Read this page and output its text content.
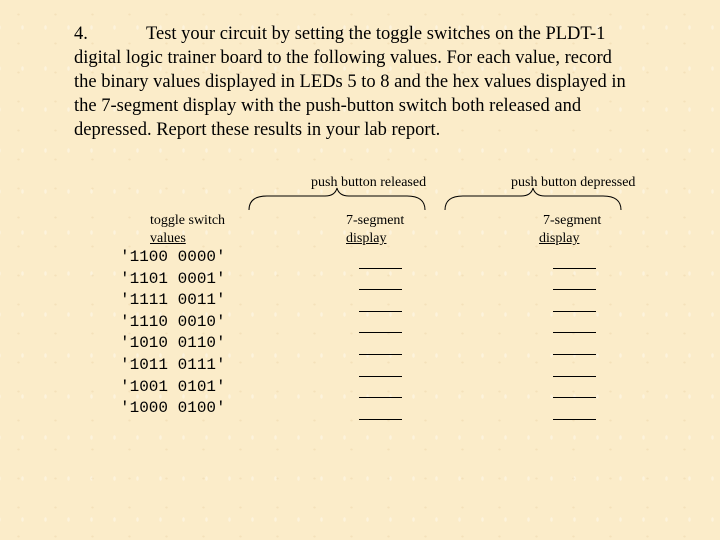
4.	Test your circuit by setting the toggle switches on the PLDT-1
digital logic trainer board to the following values. For each value, record
the binary values displayed in LEDs 5 to 8 and the hex values displayed in
the 7-segment display with the push-button switch both released and
depressed. Report these results in your lab report.
push button released	push button depressed
toggle switch
values
7-segment
display
7-segment
display
'1100 0000'
'1101 0001'
'1111 0011'
'1110 0010'
'1010 0110'
'1011 0111'
'1001 0101'
'1000 0100'
